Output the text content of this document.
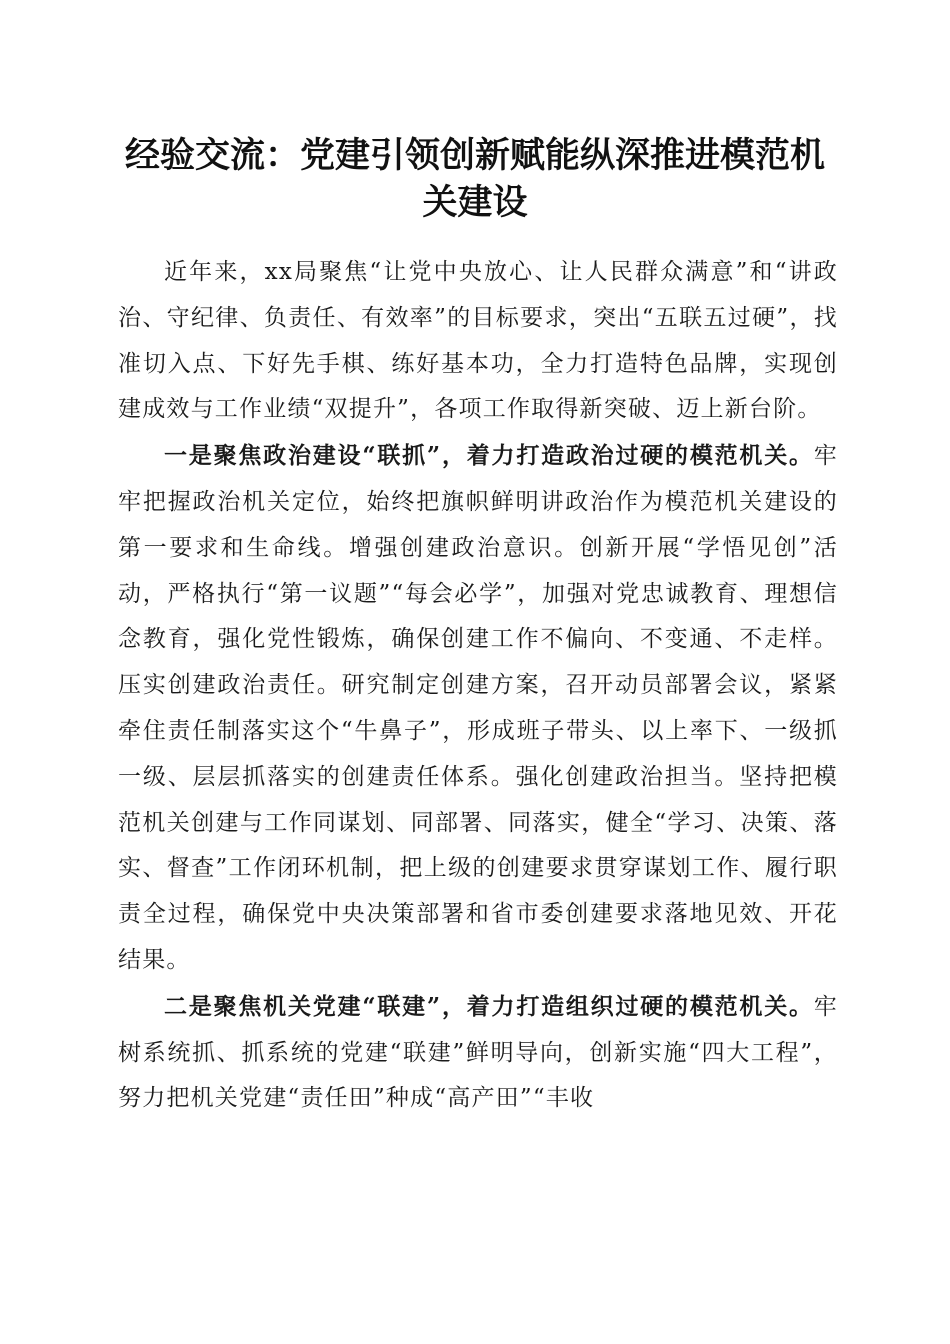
经验交流：党建引领创新赋能纵深推进模范机关建设

近年来，xx局聚焦“让党中央放心、让人民群众满意”和“讲政治、守纪律、负责任、有效率”的目标要求，突出“五联五过硬”，找准切入点、下好先手棋、练好基本功，全力打造特色品牌，实现创建成效与工作业绩“双提升”，各项工作取得新突破、迈上新台阶。

一是聚焦政治建设“联抓”，着力打造政治过硬的模范机关。牢牢把握政治机关定位，始终把旗帜鲜明讲政治作为模范机关建设的第一要求和生命线。增强创建政治意识。创新开展“学悟见创”活动，严格执行“第一议题”“每会必学”，加强对党忠诚教育、理想信念教育，强化党性锻炼，确保创建工作不偏向、不变通、不走样。压实创建政治责任。研究制定创建方案，召开动员部署会议，紧紧牵住责任制落实这个“牛鼻子”，形成班子带头、以上率下、一级抓一级、层层抓落实的创建责任体系。强化创建政治担当。坚持把模范机关创建与工作同谋划、同部署、同落实，健全“学习、决策、落实、督查”工作闭环机制，把上级的创建要求贯穿谋划工作、履行职责全过程，确保党中央决策部署和省市委创建要求落地见效、开花结果。

二是聚焦机关党建“联建”，着力打造组织过硬的模范机关。牢树系统抓、抓系统的党建“联建”鲜明导向，创新实施“四大工程”，努力把机关党建“责任田”种成“高产田”“丰收
